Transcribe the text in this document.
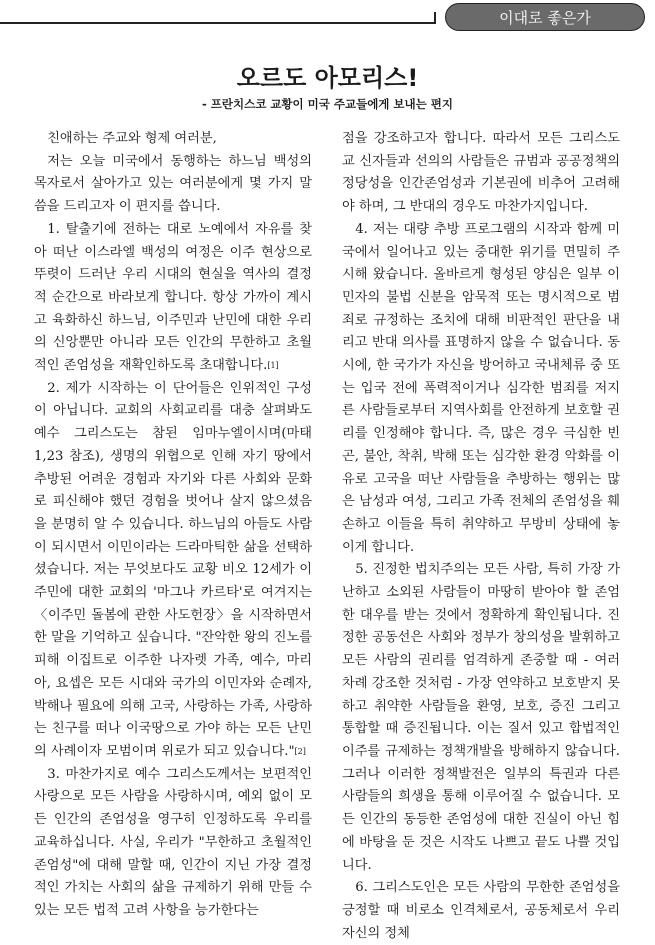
이대로 좋은가
오르도 아모리스!
- 프란치스코 교황이 미국 주교들에게 보내는 편지

친애하는 주교와 형제 여러분,

저는 오늘 미국에서 동행하는 하느님 백성의 목자로서 살아가고 있는 여러분에게 몇 가지 말씀을 드리고자 이 편지를 씁니다.

1. 탈출기에 전하는 대로 노예에서 자유를 찾아 떠난 이스라엘 백성의 여정은 이주 현상으로 뚜렷이 드러난 우리 시대의 현실을 역사의 결정적 순간으로 바라보게 합니다. 항상 가까이 계시고 육화하신 하느님, 이주민과 난민에 대한 우리의 신앙뿐만 아니라 모든 인간의 무한하고 초월적인 존엄성을 재확인하도록 초대합니다.[1]

2. 제가 시작하는 이 단어들은 인위적인 구성이 아닙니다. 교회의 사회교리를 대충 살펴봐도 예수 그리스도는 참된 임마누엘이시며(마태 1,23 참조), 생명의 위협으로 인해 자기 땅에서 추방된 어려운 경험과 자기와 다른 사회와 문화로 피신해야 했던 경험을 벗어나 살지 않으셨음을 분명히 알 수 있습니다. 하느님의 아들도 사람이 되시면서 이민이라는 드라마틱한 삶을 선택하셨습니다. 저는 무엇보다도 교황 비오 12세가 이주민에 대한 교회의 '마그나 카르타'로 여겨지는 〈이주민 돌봄에 관한 사도헌장〉을 시작하면서 한 말을 기억하고 싶습니다. "잔악한 왕의 진노를 피해 이집트로 이주한 나자렛 가족, 예수, 마리아, 요셉은 모든 시대와 국가의 이민자와 순례자, 박해나 필요에 의해 고국, 사랑하는 가족, 사랑하는 친구를 떠나 이국땅으로 가야 하는 모든 난민의 사례이자 모범이며 위로가 되고 있습니다."[2]

3. 마찬가지로 예수 그리스도께서는 보편적인 사랑으로 모든 사람을 사랑하시며, 예외 없이 모든 인간의 존엄성을 영구히 인정하도록 우리를 교육하십니다. 사실, 우리가 "무한하고 초월적인 존엄성"에 대해 말할 때, 인간이 지닌 가장 결정적인 가치는 사회의 삶을 규제하기 위해 만들 수 있는 모든 법적 고려 사항을 능가한다는

점을 강조하고자 합니다. 따라서 모든 그리스도교 신자들과 선의의 사람들은 규범과 공공정책의 정당성을 인간존엄성과 기본권에 비추어 고려해야 하며, 그 반대의 경우도 마찬가지입니다.

4. 저는 대량 추방 프로그램의 시작과 함께 미국에서 일어나고 있는 중대한 위기를 면밀히 주시해 왔습니다. 올바르게 형성된 양심은 일부 이민자의 불법 신분을 암묵적 또는 명시적으로 범죄로 규정하는 조치에 대해 비판적인 판단을 내리고 반대 의사를 표명하지 않을 수 없습니다. 동시에, 한 국가가 자신을 방어하고 국내체류 중 또는 입국 전에 폭력적이거나 심각한 범죄를 저지른 사람들로부터 지역사회를 안전하게 보호할 권리를 인정해야 합니다. 즉, 많은 경우 극심한 빈곤, 불안, 착취, 박해 또는 심각한 환경 악화를 이유로 고국을 떠난 사람들을 추방하는 행위는 많은 남성과 여성, 그리고 가족 전체의 존엄성을 훼손하고 이들을 특히 취약하고 무방비 상태에 놓이게 합니다.

5. 진정한 법치주의는 모든 사람, 특히 가장 가난하고 소외된 사람들이 마땅히 받아야 할 존엄한 대우를 받는 것에서 정확하게 확인됩니다. 진정한 공동선은 사회와 정부가 창의성을 발휘하고 모든 사람의 권리를 엄격하게 존중할 때 - 여러 차례 강조한 것처럼 - 가장 연약하고 보호받지 못하고 취약한 사람들을 환영, 보호, 증진 그리고 통합할 때 증진됩니다. 이는 질서 있고 합법적인 이주를 규제하는 정책개발을 방해하지 않습니다. 그러나 이러한 정책발전은 일부의 특권과 다른 사람들의 희생을 통해 이루어질 수 없습니다. 모든 인간의 동등한 존엄성에 대한 진실이 아닌 힘에 바탕을 둔 것은 시작도 나쁘고 끝도 나쁠 것입니다.

6. 그리스도인은 모든 사람의 무한한 존엄성을 긍정할 때 비로소 인격체로서, 공동체로서 우리 자신의 정체
